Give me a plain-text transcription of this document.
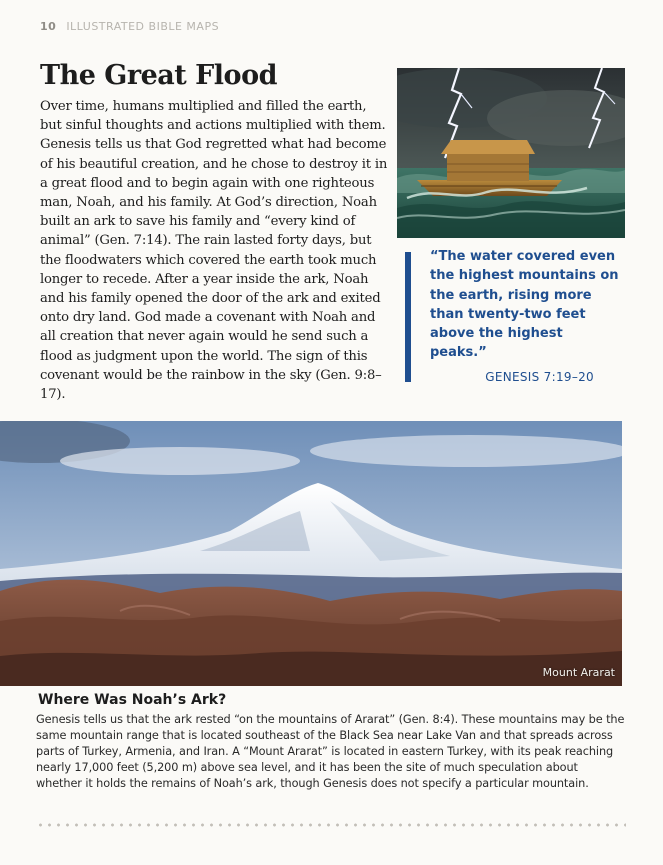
10 ILLUSTRATED BIBLE MAPS
The Great Flood

Over time, humans multiplied and filled the earth, but sinful thoughts and actions multiplied with them. Genesis tells us that God regretted what had become of his beautiful creation, and he chose to destroy it in a great flood and to begin again with one righteous man, Noah, and his family. At God’s direction, Noah built an ark to save his family and “every kind of animal” (Gen. 7:14). The rain lasted forty days, but the floodwaters which covered the earth took much longer to recede. After a year inside the ark, Noah and his family opened the door of the ark and exited onto dry land. God made a covenant with Noah and all creation that never again would he send such a flood as judgment upon the world. The sign of this covenant would be the rainbow in the sky (Gen. 9:8–17).

“The water covered even the highest mountains on the earth, rising more than twenty-two feet above the highest peaks.”

GENESIS 7:19–20

Mount Ararat
Where Was Noah’s Ark?

Genesis tells us that the ark rested “on the mountains of Ararat” (Gen. 8:4). These mountains may be the same mountain range that is located southeast of the Black Sea near Lake Van and that spreads across parts of Turkey, Armenia, and Iran. A “Mount Ararat” is located in eastern Turkey, with its peak reaching nearly 17,000 feet (5,200 m) above sea level, and it has been the site of much speculation about whether it holds the remains of Noah’s ark, though Genesis does not specify a particular mountain.
